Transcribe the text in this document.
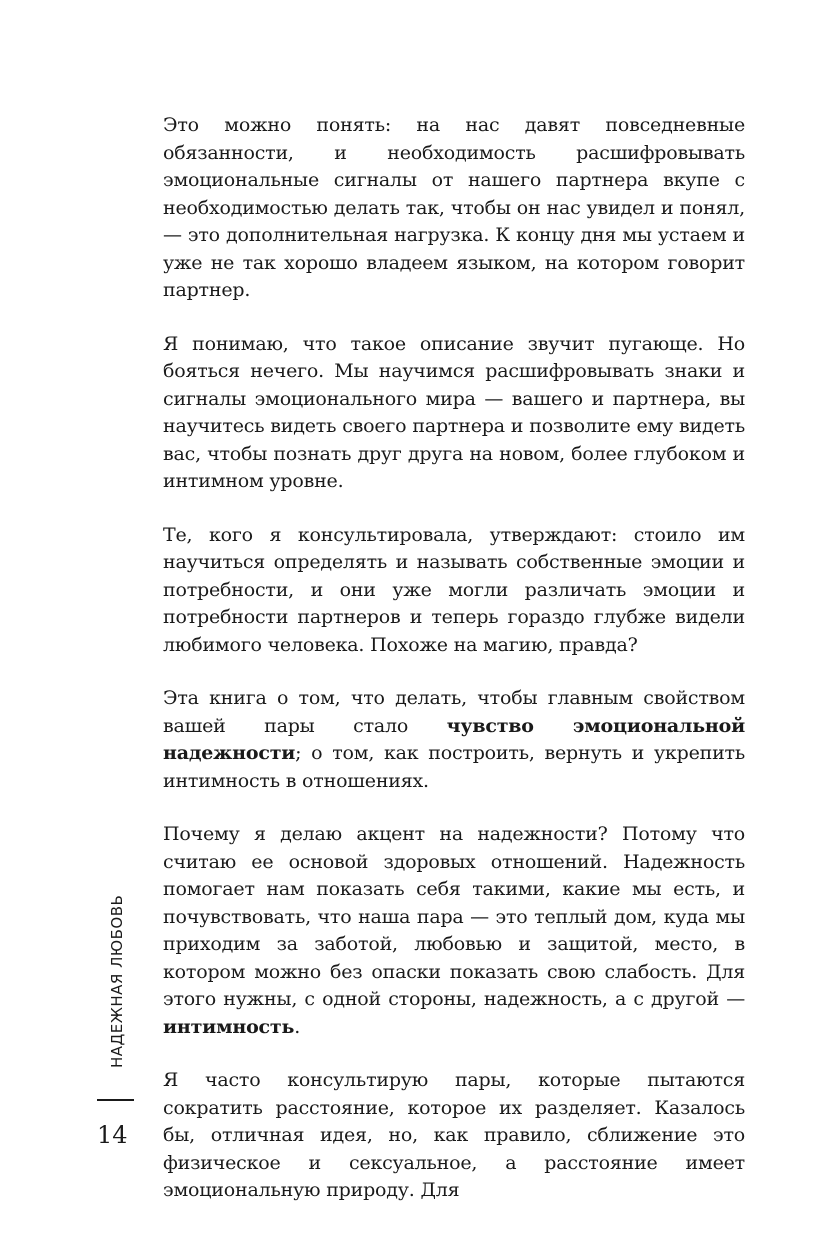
Это можно понять: на нас давят повседневные обязанности, и необходимость расшифровывать эмоциональные сигналы от нашего партнера вкупе с необходимостью делать так, чтобы он нас увидел и понял, — это дополнительная нагрузка. К концу дня мы устаем и уже не так хорошо владеем языком, на котором говорит партнер.

Я понимаю, что такое описание звучит пугающе. Но бояться нечего. Мы научимся расшифровывать знаки и сигналы эмоционального мира — вашего и партнера, вы научитесь видеть своего партнера и позволите ему видеть вас, чтобы познать друг друга на новом, более глубоком и интимном уровне.

Те, кого я консультировала, утверждают: стоило им научиться определять и называть собственные эмоции и потребности, и они уже могли различать эмоции и потребности партнеров и теперь гораздо глубже видели любимого человека. Похоже на магию, правда?

Эта книга о том, что делать, чтобы главным свойством вашей пары стало чувство эмоциональной надежности; о том, как построить, вернуть и укрепить интимность в отношениях.

Почему я делаю акцент на надежности? Потому что считаю ее основой здоровых отношений. Надежность помогает нам показать себя такими, какие мы есть, и почувствовать, что наша пара — это теплый дом, куда мы приходим за заботой, любовью и защитой, место, в котором можно без опаски показать свою слабость. Для этого нужны, с одной стороны, надежность, а с другой — интимность.

Я часто консультирую пары, которые пытаются сократить расстояние, которое их разделяет. Казалось бы, отличная идея, но, как правило, сближение это физическое и сексуальное, а расстояние имеет эмоциональную природу. Для

НАДЕЖНАЯ ЛЮБОВЬ
14
